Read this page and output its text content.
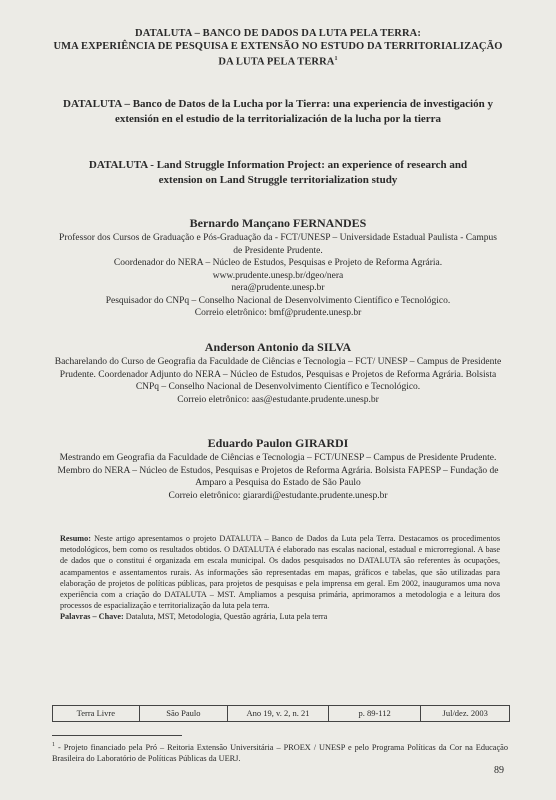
DATALUTA – BANCO DE DADOS DA LUTA PELA TERRA:
UMA EXPERIÊNCIA DE PESQUISA E EXTENSÃO NO ESTUDO DA TERRITORIALIZAÇÃO
DA LUTA PELA TERRA$^1$
DATALUTA – Banco de Datos de la Lucha por la Tierra: una experiencia de investigación y extensión en el estudio de la territorialización de la lucha por la tierra
DATALUTA - Land Struggle Information Project: an experience of research and extension on Land Struggle territorialization study
Bernardo Mançano FERNANDES

Professor dos Cursos de Graduação e Pós-Graduação da - FCT/UNESP – Universidade Estadual Paulista - Campus de Presidente Prudente.

Coordenador do NERA – Núcleo de Estudos, Pesquisas e Projeto de Reforma Agrária.

www.prudente.unesp.br/dgeo/nera

nera@prudente.unesp.br

Pesquisador do CNPq – Conselho Nacional de Desenvolvimento Científico e Tecnológico.

Correio eletrônico: bmf@prudente.unesp.br

Anderson Antonio da SILVA

Bacharelando do Curso de Geografia da Faculdade de Ciências e Tecnologia – FCT/ UNESP – Campus de Presidente Prudente. Coordenador Adjunto do NERA – Núcleo de Estudos, Pesquisas e Projetos de Reforma Agrária. Bolsista CNPq – Conselho Nacional de Desenvolvimento Científico e Tecnológico.

Correio eletrônico: aas@estudante.prudente.unesp.br

Eduardo Paulon GIRARDI

Mestrando em Geografia da Faculdade de Ciências e Tecnologia – FCT/UNESP – Campus de Presidente Prudente. Membro do NERA – Núcleo de Estudos, Pesquisas e Projetos de Reforma Agrária. Bolsista FAPESP – Fundação de Amparo a Pesquisa do Estado de São Paulo

Correio eletrônico: giarardi@estudante.prudente.unesp.br

Resumo: Neste artigo apresentamos o projeto DATALUTA – Banco de Dados da Luta pela Terra. Destacamos os procedimentos metodológicos, bem como os resultados obtidos. O DATALUTA é elaborado nas escalas nacional, estadual e microrregional. A base de dados que o constitui é organizada em escala municipal. Os dados pesquisados no DATALUTA são referentes às ocupações, acampamentos e assentamentos rurais. As informações são representadas em mapas, gráficos e tabelas, que são utilizadas para elaboração de projetos de políticas públicas, para projetos de pesquisas e pela imprensa em geral. Em 2002, inauguramos uma nova experiência com a criação do DATALUTA – MST. Ampliamos a pesquisa primária, aprimoramos a metodologia e a leitura dos processos de espacialização e territorialização da luta pela terra.

Palavras – Chave: Dataluta, MST, Metodologia, Questão agrária, Luta pela terra

Terra Livre	São Paulo	Ano 19, v. 2, n. 21	p. 89-112	Jul/dez. 2003
$^1$ - Projeto financiado pela Pró – Reitoria Extensão Universitária – PROEX / UNESP e pelo Programa Políticas da Cor na Educação Brasileira do Laboratório de Políticas Públicas da UERJ.
89
